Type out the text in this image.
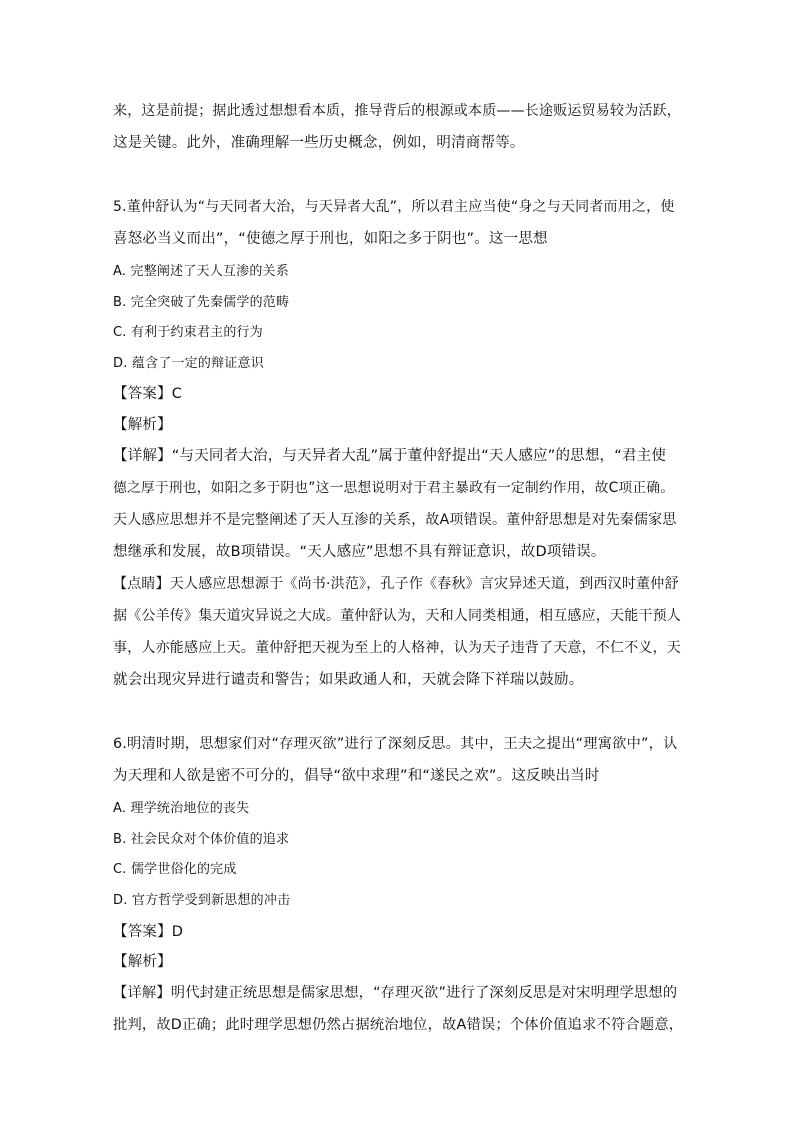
来，这是前提；据此透过想想看本质，推导背后的根源或本质——长途贩运贸易较为活跃，
这是关键。此外，准确理解一些历史概念，例如，明清商帮等。
5.董仲舒认为“与天同者大治，与天异者大乱”，所以君主应当使“身之与天同者而用之，使
喜怒必当义而出”，“使德之厚于刑也，如阳之多于阴也”。这一思想
A. 完整阐述了天人互渗的关系
B. 完全突破了先秦儒学的范畴
C. 有利于约束君主的行为
D. 蕴含了一定的辩证意识
【答案】C
【解析】
【详解】“与天同者大治，与天异者大乱”属于董仲舒提出“天人感应”的思想，“君主使
德之厚于刑也，如阳之多于阴也”这一思想说明对于君主暴政有一定制约作用，故C项正确。
天人感应思想并不是完整阐述了天人互渗的关系，故A项错误。董仲舒思想是对先秦儒家思
想继承和发展，故B项错误。“天人感应”思想不具有辩证意识，故D项错误。
【点睛】天人感应思想源于《尚书·洪范》，孔子作《春秋》言灾异述天道，到西汉时董仲舒
据《公羊传》集天道灾异说之大成。董仲舒认为，天和人同类相通，相互感应，天能干预人
事，人亦能感应上天。董仲舒把天视为至上的人格神，认为天子违背了天意，不仁不义，天
就会出现灾异进行谴责和警告；如果政通人和，天就会降下祥瑞以鼓励。
6.明清时期，思想家们对“存理灭欲”进行了深刻反思。其中，王夫之提出“理寓欲中”，认
为天理和人欲是密不可分的，倡导“欲中求理”和“遂民之欢”。这反映出当时
A. 理学统治地位的丧失
B. 社会民众对个体价值的追求
C. 儒学世俗化的完成
D. 官方哲学受到新思想的冲击
【答案】D
【解析】
【详解】明代封建正统思想是儒家思想，“存理灭欲”进行了深刻反思是对宋明理学思想的
批判，故D正确；此时理学思想仍然占据统治地位，故A错误；个体价值追求不符合题意，
